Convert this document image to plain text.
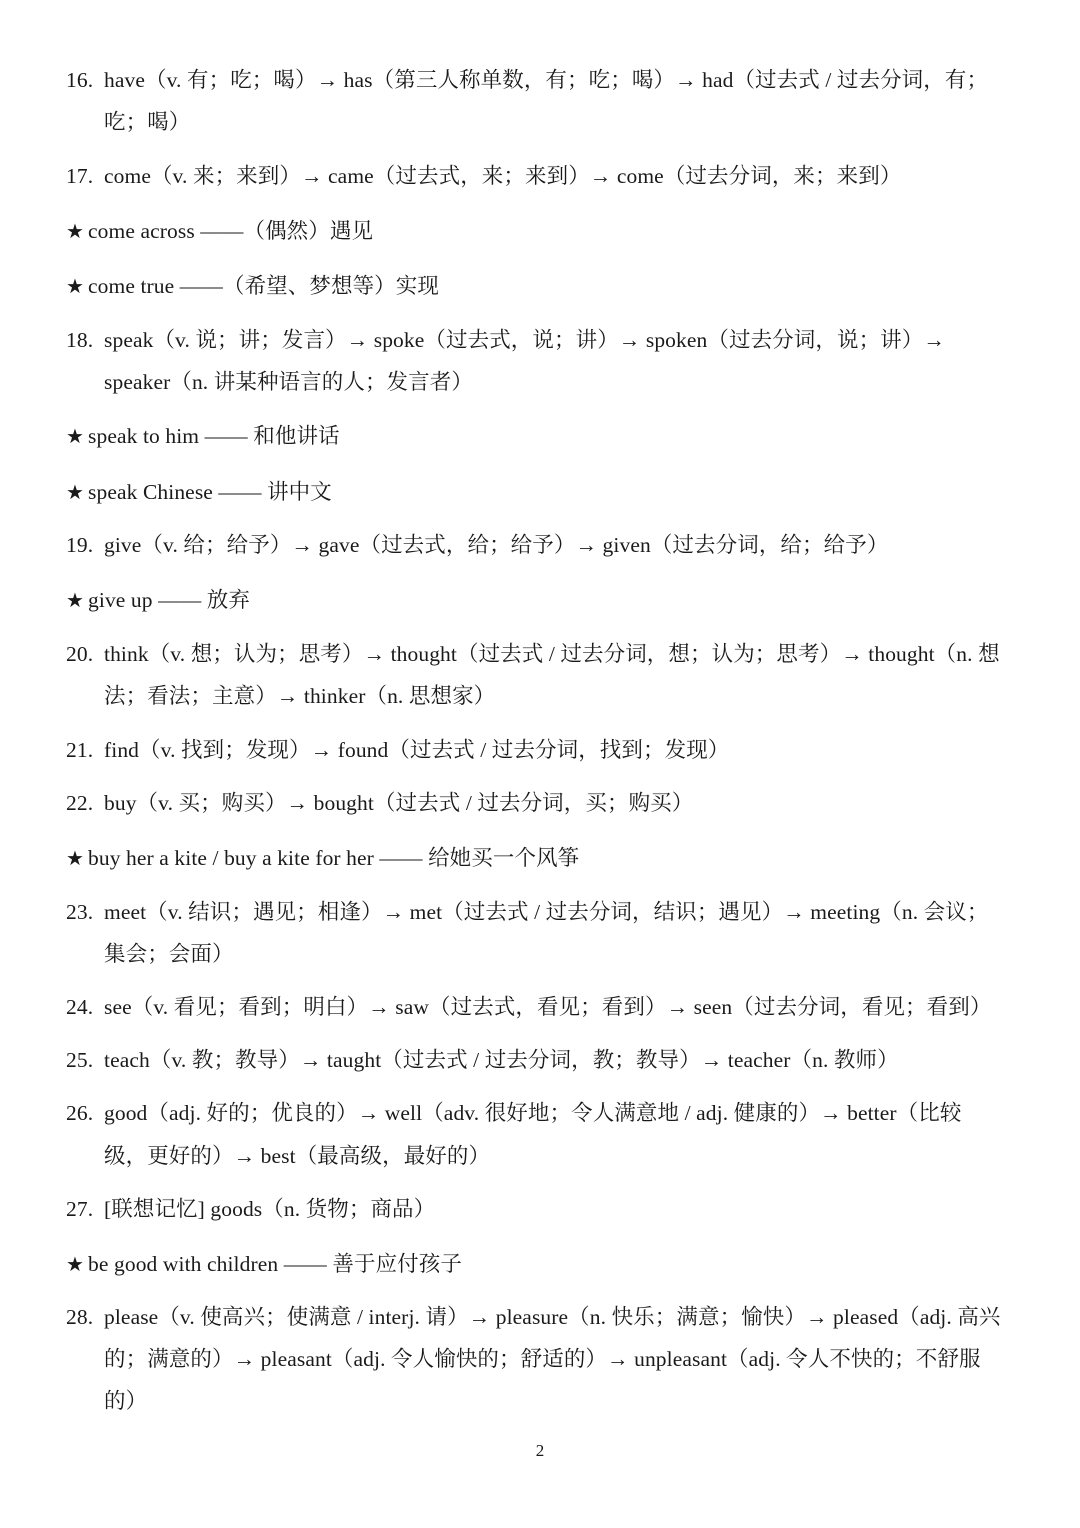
16. have（v. 有；吃；喝）→ has（第三人称单数，有；吃；喝）→ had（过去式 / 过去分词，有；
吃；喝）
17. come（v. 来；来到）→ came（过去式，来；来到）→ come（过去分词，来；来到）
★ come across ——（偶然）遇见
★ come true ——（希望、梦想等）实现
18. speak（v. 说；讲；发言）→ spoke（过去式，说；讲）→ spoken（过去分词，说；讲）→
speaker（n. 讲某种语言的人；发言者）
★ speak to him —— 和他讲话
★ speak Chinese —— 讲中文
19. give（v. 给；给予）→ gave（过去式，给；给予）→ given（过去分词，给；给予）
★ give up —— 放弃
20. think（v. 想；认为；思考）→ thought（过去式 / 过去分词，想；认为；思考）→ thought（n. 想
法；看法；主意）→ thinker（n. 思想家）
21. find（v. 找到；发现）→ found（过去式 / 过去分词，找到；发现）
22. buy（v. 买；购买）→ bought（过去式 / 过去分词，买；购买）
★ buy her a kite / buy a kite for her —— 给她买一个风筝
23. meet（v. 结识；遇见；相逢）→ met（过去式 / 过去分词，结识；遇见）→ meeting（n. 会议；
集会；会面）
24. see（v. 看见；看到；明白）→ saw（过去式，看见；看到）→ seen（过去分词，看见；看到）
25. teach（v. 教；教导）→ taught（过去式 / 过去分词，教；教导）→ teacher（n. 教师）
26. good（adj. 好的；优良的）→ well（adv. 很好地；令人满意地 / adj. 健康的）→ better（比较
级，更好的）→ best（最高级，最好的）
27. [联想记忆] goods（n. 货物；商品）
★ be good with children —— 善于应付孩子
28. please（v. 使高兴；使满意 / interj. 请）→ pleasure（n. 快乐；满意；愉快）→ pleased（adj. 高兴
的；满意的）→ pleasant（adj. 令人愉快的；舒适的）→ unpleasant（adj. 令人不快的；不舒服
的）
2
